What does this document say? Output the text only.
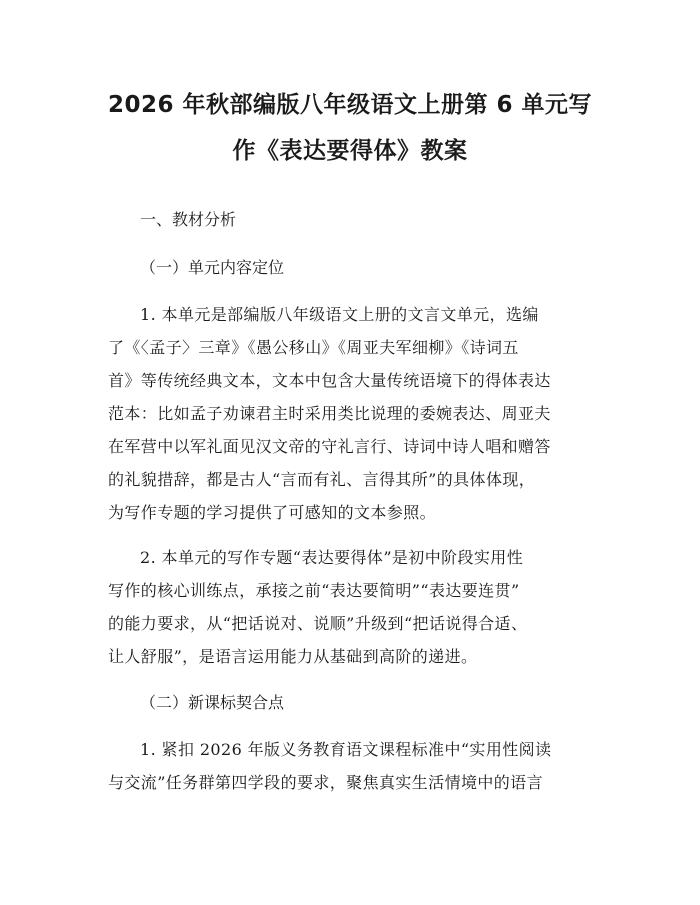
2026 年秋部编版八年级语文上册第 6 单元写
作《表达要得体》教案

一、教材分析

（一）单元内容定位

1. 本单元是部编版八年级语文上册的文言文单元，选编
了《〈孟子〉三章》《愚公移山》《周亚夫军细柳》《诗词五
首》等传统经典文本，文本中包含大量传统语境下的得体表达
范本：比如孟子劝谏君主时采用类比说理的委婉表达、周亚夫
在军营中以军礼面见汉文帝的守礼言行、诗词中诗人唱和赠答
的礼貌措辞，都是古人“言而有礼、言得其所”的具体体现，
为写作专题的学习提供了可感知的文本参照。

2. 本单元的写作专题“表达要得体”是初中阶段实用性
写作的核心训练点，承接之前“表达要简明”“表达要连贯”
的能力要求，从“把话说对、说顺”升级到“把话说得合适、
让人舒服”，是语言运用能力从基础到高阶的递进。

（二）新课标契合点

1. 紧扣 2026 年版义务教育语文课程标准中“实用性阅读
与交流”任务群第四学段的要求，聚焦真实生活情境中的语言
